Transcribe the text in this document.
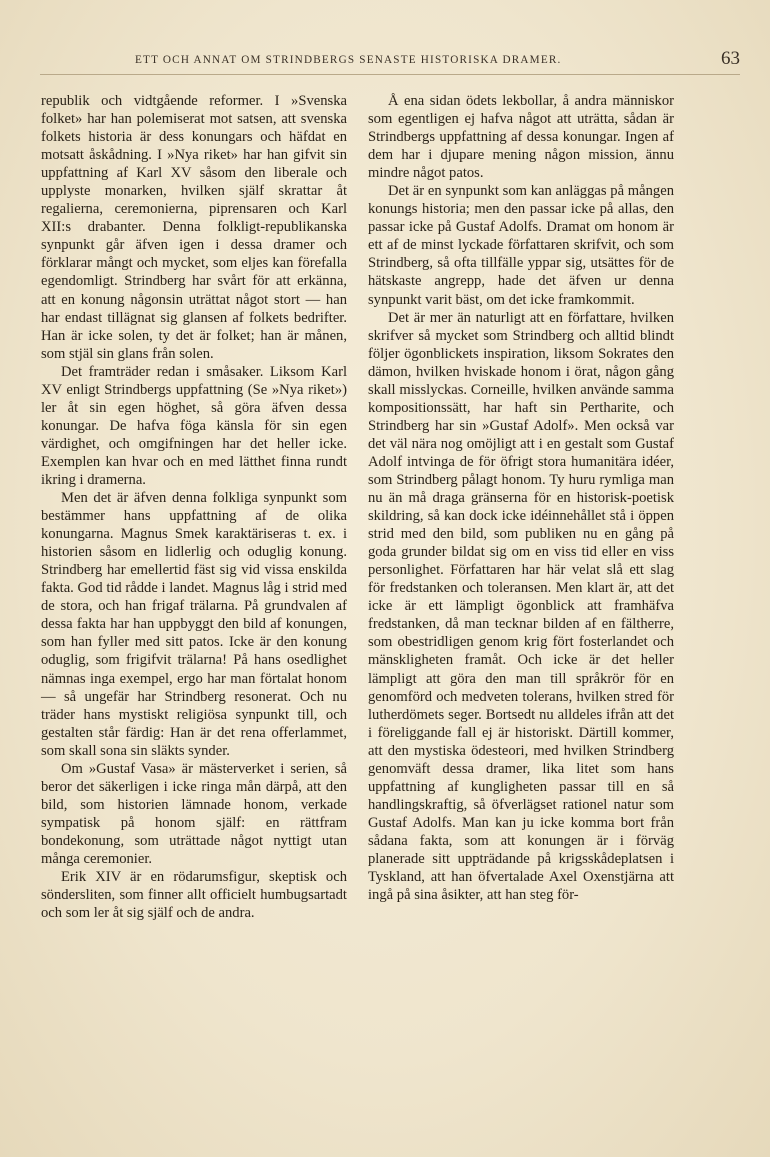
ETT OCH ANNAT OM STRINDBERGS SENASTE HISTORISKA DRAMER.	63

republik och vidtgående reformer. I »Svenska folket» har han polemiserat mot satsen, att svenska folkets historia är dess konungars och häfdat en motsatt åskådning. I »Nya riket» har han gifvit sin uppfattning af Karl XV såsom den liberale och upplyste monarken, hvilken själf skrattar åt regalierna, ceremonierna, piprensaren och Karl XII:s drabanter. Denna folkligt-republikanska synpunkt går äfven igen i dessa dramer och förklarar mångt och mycket, som eljes kan förefalla egendomligt. Strindberg har svårt för att erkänna, att en konung någonsin uträttat något stort — han har endast tillägnat sig glansen af folkets bedrifter. Han är icke solen, ty det är folket; han är månen, som stjäl sin glans från solen.

Det framträder redan i småsaker. Liksom Karl XV enligt Strindbergs uppfattning (Se »Nya riket») ler åt sin egen höghet, så göra äfven dessa konungar. De hafva föga känsla för sin egen värdighet, och omgifningen har det heller icke. Exemplen kan hvar och en med lätthet finna rundt ikring i dramerna.

Men det är äfven denna folkliga synpunkt som bestämmer hans uppfattning af de olika konungarna. Magnus Smek karaktäriseras t. ex. i historien såsom en lidlerlig och oduglig konung. Strindberg har emellertid fäst sig vid vissa enskilda fakta. God tid rådde i landet. Magnus låg i strid med de stora, och han frigaf trälarna. På grundvalen af dessa fakta har han uppbyggt den bild af konungen, som han fyller med sitt patos. Icke är den konung oduglig, som frigifvit trälarna! På hans osedlighet nämnas inga exempel, ergo har man förtalat honom — så ungefär har Strindberg resonerat. Och nu träder hans mystiskt religiösa synpunkt till, och gestalten står färdig: Han är det rena offerlammet, som skall sona sin släkts synder.

Om »Gustaf Vasa» är mästerverket i serien, så beror det säkerligen i icke ringa mån därpå, att den bild, som historien lämnade honom, verkade sympatisk på honom själf: en rättfram bondekonung, som uträttade något nyttigt utan många ceremonier.

Erik XIV är en rödarumsfigur, skeptisk och söndersliten, som finner allt officielt humbugsartadt och som ler åt sig själf och de andra.

Å ena sidan ödets lekbollar, å andra människor som egentligen ej hafva något att uträtta, sådan är Strindbergs uppfattning af dessa konungar. Ingen af dem har i djupare mening någon mission, ännu mindre något patos.

Det är en synpunkt som kan anläggas på mången konungs historia; men den passar icke på allas, den passar icke på Gustaf Adolfs. Dramat om honom är ett af de minst lyckade författaren skrifvit, och som Strindberg, så ofta tillfälle yppar sig, utsättes för de hätskaste angrepp, hade det äfven ur denna synpunkt varit bäst, om det icke framkommit.

Det är mer än naturligt att en författare, hvilken skrifver så mycket som Strindberg och alltid blindt följer ögonblickets inspiration, liksom Sokrates den dämon, hvilken hviskade honom i örat, någon gång skall misslyckas. Corneille, hvilken använde samma kompositionssätt, har haft sin Pertharite, och Strindberg har sin »Gustaf Adolf». Men också var det väl nära nog omöjligt att i en gestalt som Gustaf Adolf intvinga de för öfrigt stora humanitära idéer, som Strindberg pålagt honom. Ty huru rymliga man nu än må draga gränserna för en historisk-poetisk skildring, så kan dock icke idéinnehållet stå i öppen strid med den bild, som publiken nu en gång på goda grunder bildat sig om en viss tid eller en viss personlighet. Författaren har här velat slå ett slag för fredstanken och toleransen. Men klart är, att det icke är ett lämpligt ögonblick att framhäfva fredstanken, då man tecknar bilden af en fältherre, som obestridligen genom krig fört fosterlandet och mänskligheten framåt. Och icke är det heller lämpligt att göra den man till språkrör för en genomförd och medveten tolerans, hvilken stred för lutherdömets seger. Bortsedt nu alldeles ifrån att det i föreliggande fall ej är historiskt. Därtill kommer, att den mystiska ödesteori, med hvilken Strindberg genomväft dessa dramer, lika litet som hans uppfattning af kungligheten passar till en så handlingskraftig, så öfverlägset rationel natur som Gustaf Adolfs. Man kan ju icke komma bort från sådana fakta, som att konungen är i förväg planerade sitt uppträdande på krigsskådeplatsen i Tyskland, att han öfvertalade Axel Oxenstjärna att ingå på sina åsikter, att han steg för-
